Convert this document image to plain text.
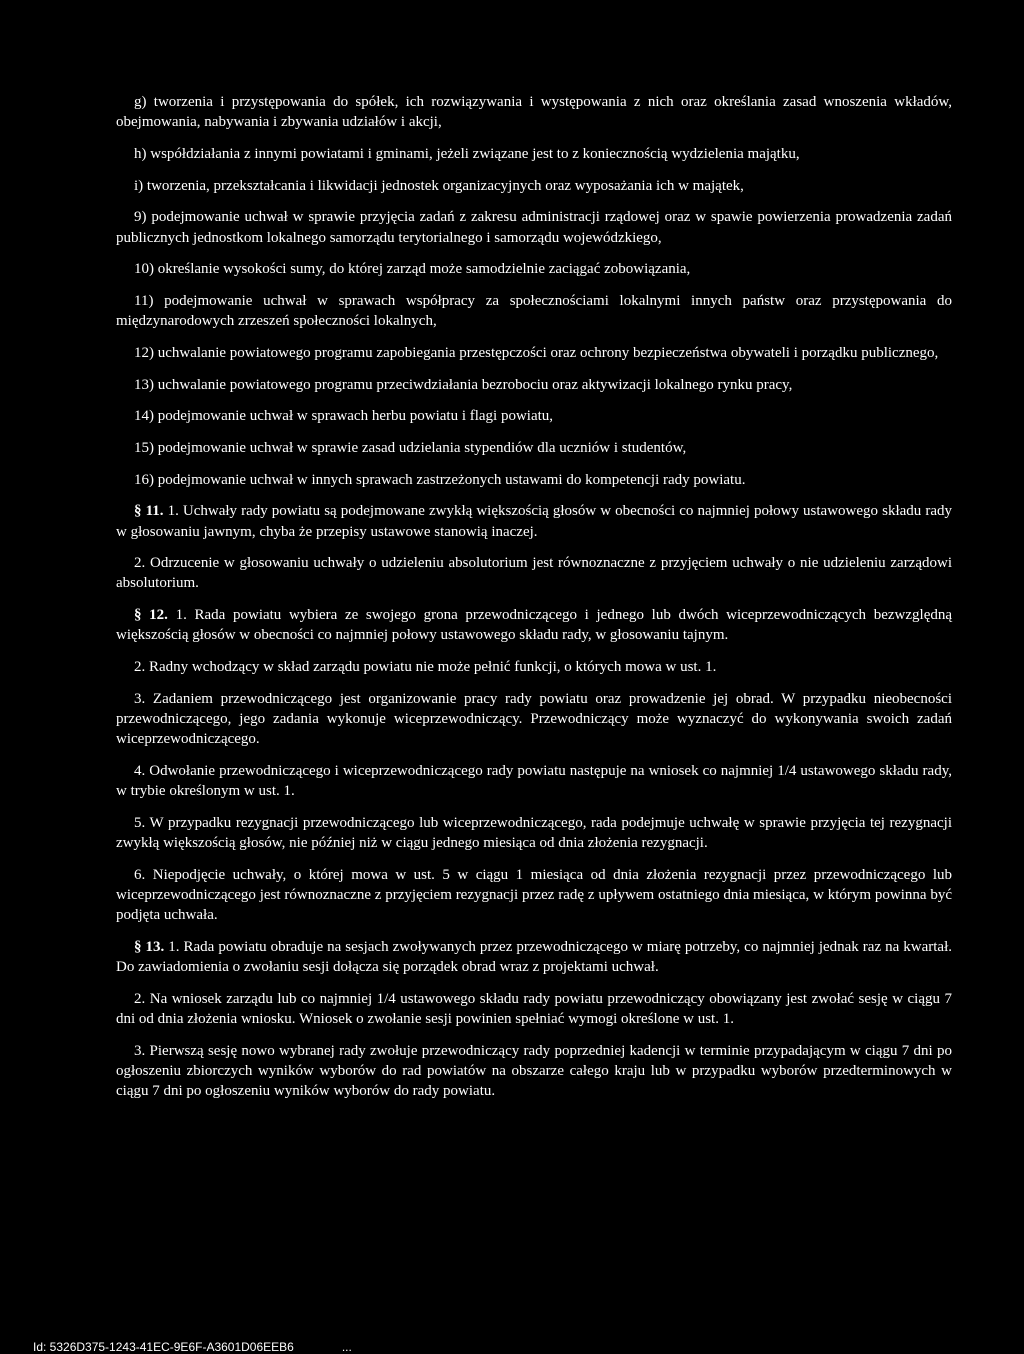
g) tworzenia i przystępowania do spółek, ich rozwiązywania i występowania z nich oraz określania zasad wnoszenia wkładów, obejmowania, nabywania i zbywania udziałów i akcji,

h) współdziałania z innymi powiatami i gminami, jeżeli związane jest to z koniecznością wydzielenia majątku,

i) tworzenia, przekształcania i likwidacji jednostek organizacyjnych oraz wyposażania ich w majątek,

9) podejmowanie uchwał w sprawie przyjęcia zadań z zakresu administracji rządowej oraz w spawie powierzenia prowadzenia zadań publicznych jednostkom lokalnego samorządu terytorialnego i samorządu wojewódzkiego,

10) określanie wysokości sumy, do której zarząd może samodzielnie zaciągać zobowiązania,

11) podejmowanie uchwał w sprawach współpracy za społecznościami lokalnymi innych państw oraz przystępowania do międzynarodowych zrzeszeń społeczności lokalnych,

12) uchwalanie powiatowego programu zapobiegania przestępczości oraz ochrony bezpieczeństwa obywateli i porządku publicznego,

13) uchwalanie powiatowego programu przeciwdziałania bezrobociu oraz aktywizacji lokalnego rynku pracy,

14) podejmowanie uchwał w sprawach herbu powiatu i flagi powiatu,

15) podejmowanie uchwał w sprawie zasad udzielania stypendiów dla uczniów i studentów,

16) podejmowanie uchwał w innych sprawach zastrzeżonych ustawami do kompetencji rady powiatu.

§ 11. 1. Uchwały rady powiatu są podejmowane zwykłą większością głosów w obecności co najmniej połowy ustawowego składu rady w głosowaniu jawnym, chyba że przepisy ustawowe stanowią inaczej.

2. Odrzucenie w głosowaniu uchwały o udzieleniu absolutorium jest równoznaczne z przyjęciem uchwały o nie udzieleniu zarządowi absolutorium.

§ 12. 1. Rada powiatu wybiera ze swojego grona przewodniczącego i jednego lub dwóch wiceprzewodniczących bezwzględną większością głosów w obecności co najmniej połowy ustawowego składu rady, w głosowaniu tajnym.

2. Radny wchodzący w skład zarządu powiatu nie może pełnić funkcji, o których mowa w ust. 1.

3. Zadaniem przewodniczącego jest organizowanie pracy rady powiatu oraz prowadzenie jej obrad. W przypadku nieobecności przewodniczącego, jego zadania wykonuje wiceprzewodniczący. Przewodniczący może wyznaczyć do wykonywania swoich zadań wiceprzewodniczącego.

4. Odwołanie przewodniczącego i wiceprzewodniczącego rady powiatu następuje na wniosek co najmniej 1/4 ustawowego składu rady, w trybie określonym w ust. 1.

5. W przypadku rezygnacji przewodniczącego lub wiceprzewodniczącego, rada podejmuje uchwałę w sprawie przyjęcia tej rezygnacji zwykłą większością głosów, nie później niż w ciągu jednego miesiąca od dnia złożenia rezygnacji.

6. Niepodjęcie uchwały, o której mowa w ust. 5 w ciągu 1 miesiąca od dnia złożenia rezygnacji przez przewodniczącego lub wiceprzewodniczącego jest równoznaczne z przyjęciem rezygnacji przez radę z upływem ostatniego dnia miesiąca, w którym powinna być podjęta uchwała.

§ 13. 1. Rada powiatu obraduje na sesjach zwoływanych przez przewodniczącego w miarę potrzeby, co najmniej jednak raz na kwartał. Do zawiadomienia o zwołaniu sesji dołącza się porządek obrad wraz z projektami uchwał.

2. Na wniosek zarządu lub co najmniej 1/4 ustawowego składu rady powiatu przewodniczący obowiązany jest zwołać sesję w ciągu 7 dni od dnia złożenia wniosku. Wniosek o zwołanie sesji powinien spełniać wymogi określone w ust. 1.

3. Pierwszą sesję nowo wybranej rady zwołuje przewodniczący rady poprzedniej kadencji w terminie przypadającym w ciągu 7 dni po ogłoszeniu zbiorczych wyników wyborów do rad powiatów na obszarze całego kraju lub w przypadku wyborów przedterminowych w ciągu 7 dni po ogłoszeniu wyników wyborów do rady powiatu.

Id: 5326D375-1243-41EC-9E6F-A3601D06EEB6	...
